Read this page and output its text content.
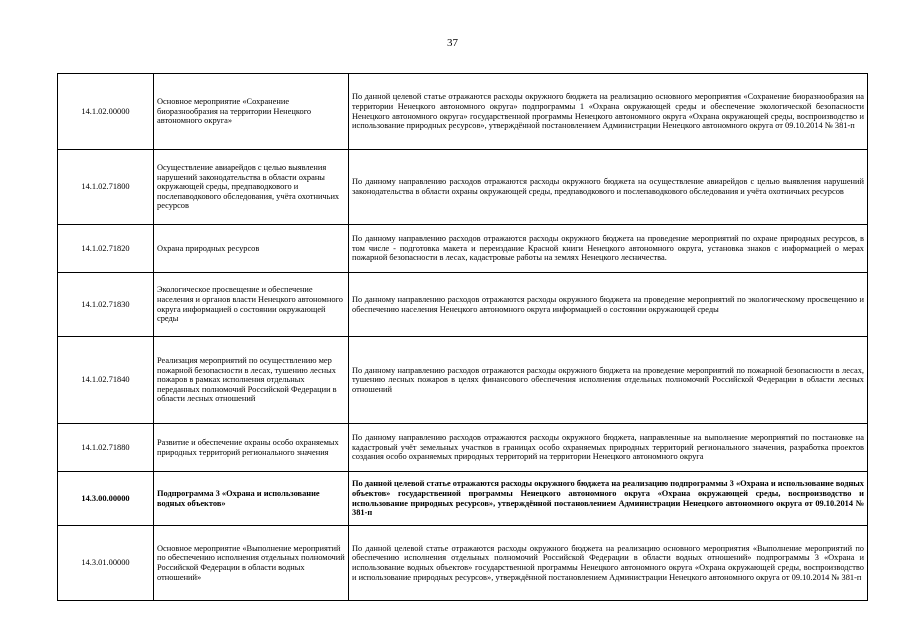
37
14.1.02.00000	Основное мероприятие «Сохранение биоразнообразия на территории Ненецкого автономного округа»	По данной целевой статье отражаются расходы окружного бюджета на реализацию основного мероприятия «Сохранение биоразнообразия на территории Ненецкого автономного округа» подпрограммы 1 «Охрана окружающей среды и обеспечение экологической безопасности Ненецкого автономного округа» государственной программы Ненецкого автономного округа «Охрана окружающей среды, воспроизводство и использование природных ресурсов», утверждённой постановлением Администрации Ненецкого автономного округа от 09.10.2014 № 381-п
14.1.02.71800	Осуществление авиарейдов с целью выявления нарушений законодательства в области охраны окружающей среды, предпаводкового и послепаводкового обследования, учёта охотничьих ресурсов	По данному направлению расходов отражаются расходы окружного бюджета на осуществление авиарейдов с целью выявления нарушений законодательства в области охраны окружающей среды, предпаводкового и послепаводкового обследования и учёта охотничьих ресурсов
14.1.02.71820	Охрана природных ресурсов	По данному направлению расходов отражаются расходы окружного бюджета на проведение мероприятий по охране природных ресурсов, в том числе - подготовка макета и переиздание Красной книги Ненецкого автономного округа, установка знаков с информацией о мерах пожарной безопасности в лесах, кадастровые работы на землях Ненецкого лесничества.
14.1.02.71830	Экологическое просвещение и обеспечение населения и органов власти Ненецкого автономного округа информацией о состоянии окружающей среды	По данному направлению расходов отражаются расходы окружного бюджета на проведение мероприятий по экологическому просвещению и обеспечению населения Ненецкого автономного округа информацией о состоянии окружающей среды
14.1.02.71840	Реализация мероприятий по осуществлению мер пожарной безопасности в лесах, тушению лесных пожаров в рамках исполнения отдельных переданных полномочий Российской Федерации в области лесных отношений	По данному направлению расходов отражаются расходы окружного бюджета на проведение мероприятий по пожарной безопасности в лесах, тушению лесных пожаров в целях финансового обеспечения исполнения отдельных полномочий Российской Федерации в области лесных отношений
14.1.02.71880	Развитие и обеспечение охраны особо охраняемых природных территорий регионального значения	По данному направлению расходов отражаются расходы окружного бюджета, направленные на выполнение мероприятий по постановке на кадастровый учёт земельных участков в границах особо охраняемых природных территорий регионального значения, разработка проектов создания особо охраняемых природных территорий на территории Ненецкого автономного округа
14.3.00.00000	Подпрограмма 3 «Охрана и использование водных объектов»	По данной целевой статье отражаются расходы окружного бюджета на реализацию подпрограммы 3 «Охрана и использование водных объектов» государственной программы Ненецкого автономного округа «Охрана окружающей среды, воспроизводство и использование природных ресурсов», утверждённой постановлением Администрации Ненецкого автономного округа от 09.10.2014 № 381-п
14.3.01.00000	Основное мероприятие «Выполнение мероприятий по обеспечению исполнения отдельных полномочий Российской Федерации в области водных отношений»	По данной целевой статье отражаются расходы окружного бюджета на реализацию основного мероприятия «Выполнение мероприятий по обеспечению исполнения отдельных полномочий Российской Федерации в области водных отношений» подпрограммы 3 «Охрана и использование водных объектов» государственной программы Ненецкого автономного округа «Охрана окружающей среды, воспроизводство и использование природных ресурсов», утверждённой постановлением Администрации Ненецкого автономного округа от 09.10.2014 № 381-п
